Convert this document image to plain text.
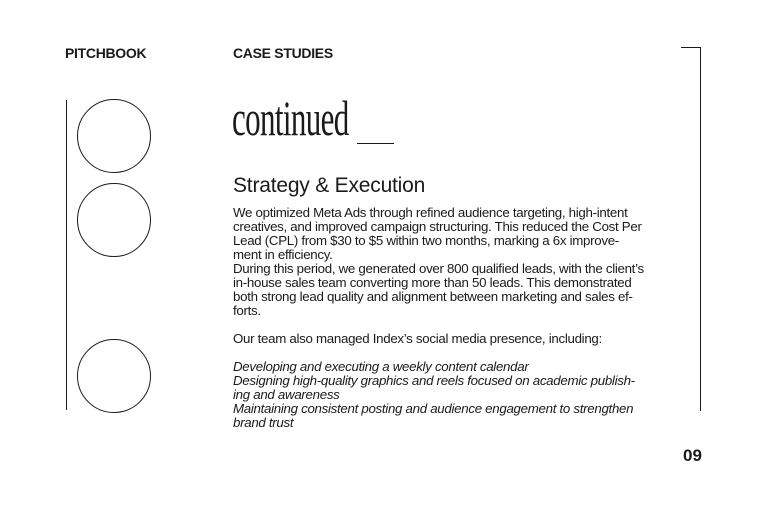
PITCHBOOK	CASE STUDIES
continued
Strategy & Execution

We optimized Meta Ads through refined audience targeting, high-intent

creatives, and improved campaign structuring. This reduced the Cost Per

Lead (CPL) from $30 to $5 within two months, marking a 6x improve-

ment in efficiency.

During this period, we generated over 800 qualified leads, with the client’s

in-house sales team converting more than 50 leads. This demonstrated

both strong lead quality and alignment between marketing and sales ef-

forts.

Our team also managed Index’s social media presence, including:

Developing and executing a weekly content calendar

Designing high-quality graphics and reels focused on academic publish-

ing and awareness

Maintaining consistent posting and audience engagement to strengthen

brand trust

09
